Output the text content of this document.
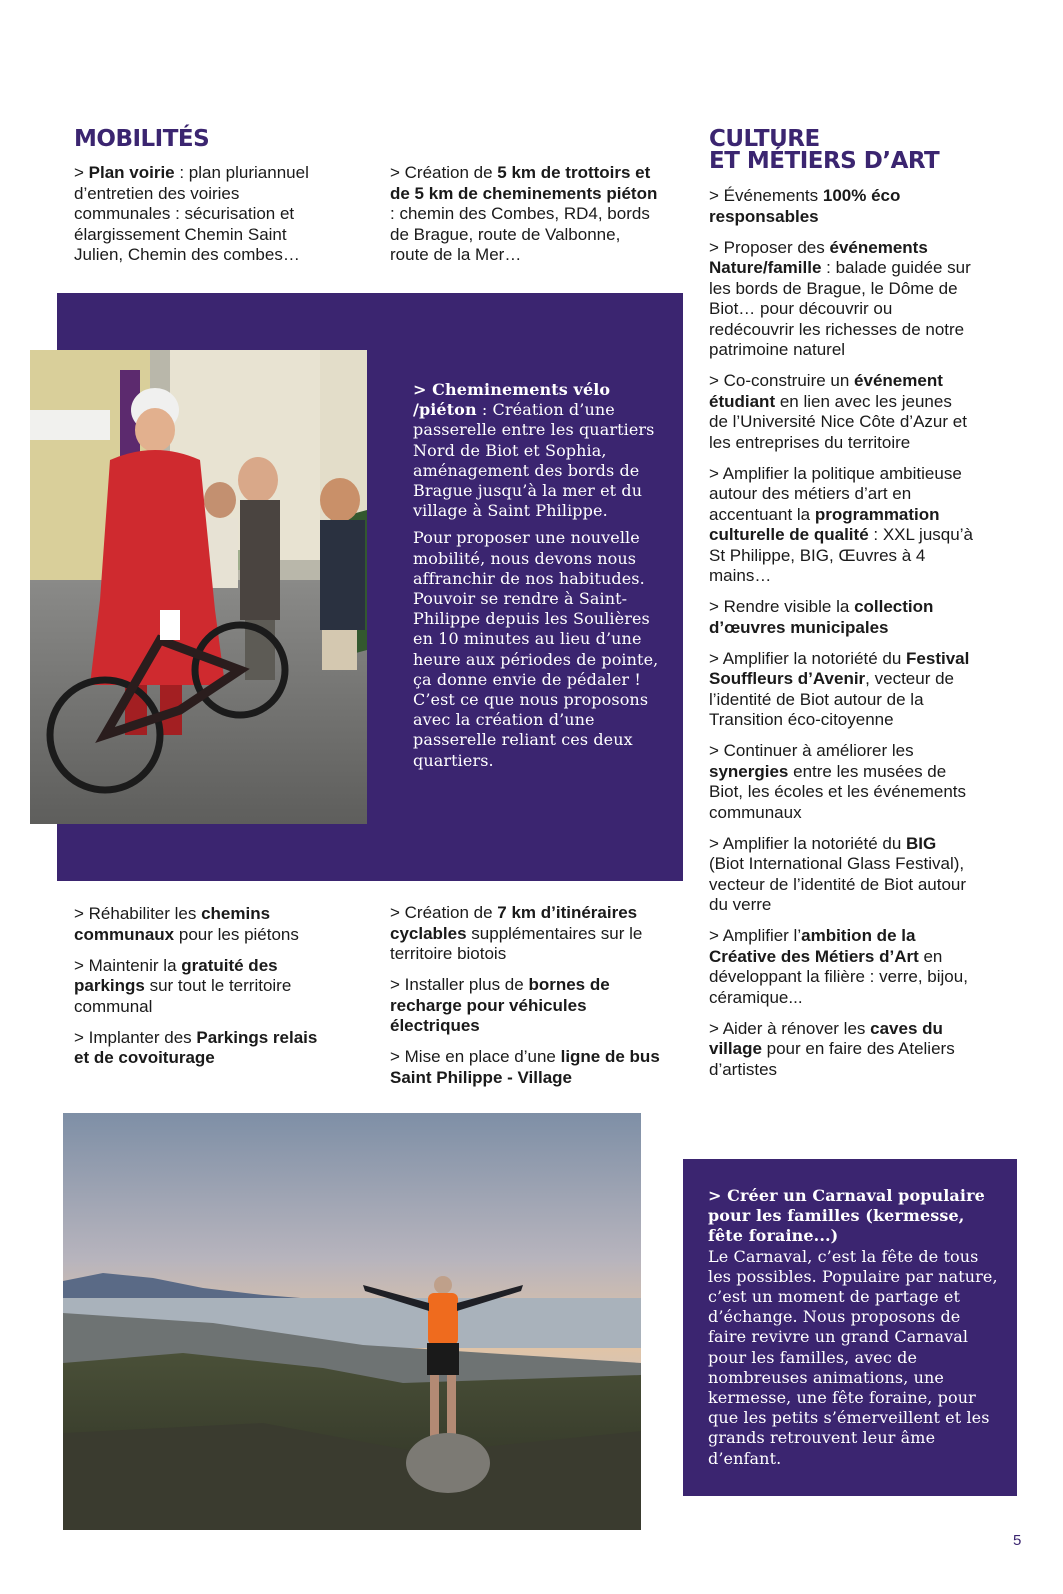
MOBILITÉS

> Plan voirie : plan pluriannuel d’entretien des voiries communales : sécurisation et élargissement Chemin Saint Julien, Chemin des combes…

> Création de 5 km de trottoirs et de 5 km de cheminements piéton : chemin des Combes, RD4, bords de Brague, route de Valbonne, route de la Mer…

> Cheminements vélo /piéton : Création d’une passerelle entre les quartiers Nord de Biot et Sophia, aménagement des bords de Brague jusqu’à la mer et du village à Saint Philippe.

Pour proposer une nouvelle mobilité, nous devons nous affranchir de nos habitudes. Pouvoir se rendre à Saint-Philippe depuis les Soulières en 10 minutes au lieu d’une heure aux périodes de pointe, ça donne envie de pédaler !

C’est ce que nous proposons avec la création d’une passerelle reliant ces deux quartiers.

> Réhabiliter les chemins communaux pour les piétons

> Maintenir la gratuité des parkings sur tout le territoire communal

> Implanter des Parkings relais et de covoiturage

> Création de 7 km d’itinéraires cyclables supplémentaires sur le territoire biotois

> Installer plus de bornes de recharge pour véhicules électriques

> Mise en place d’une ligne de bus Saint Philippe - Village

CULTURE
ET MÉTIERS D’ART

> Événements 100% éco responsables

> Proposer des événements Nature/famille : balade guidée sur les bords de Brague, le Dôme de Biot… pour découvrir ou redécouvrir les richesses de notre patrimoine naturel

> Co-construire un événement étudiant en lien avec les jeunes de l’Université Nice Côte d’Azur et les entreprises du territoire

> Amplifier la politique ambitieuse autour des métiers d’art en accentuant la programmation culturelle de qualité : XXL jusqu’à St Philippe, BIG, Œuvres à 4 mains…

> Rendre visible la collection d’œuvres municipales

> Amplifier la notoriété du Festival Souffleurs d’Avenir, vecteur de l’identité de Biot autour de la Transition éco-citoyenne

> Continuer à améliorer les synergies entre les musées de Biot, les écoles et les événements communaux

> Amplifier la notoriété du BIG (Biot International Glass Festival), vecteur de l’identité de Biot autour du verre

> Amplifier l’ambition de la Créative des Métiers d’Art en développant la filière : verre, bijou, céramique...

> Aider à rénover les caves du village pour en faire des Ateliers d’artistes

> Créer un Carnaval populaire pour les familles (kermesse, fête foraine...)

Le Carnaval, c’est la fête de tous les possibles. Populaire par nature, c’est un moment de partage et d’échange. Nous proposons de faire revivre un grand Carnaval pour les familles, avec de nombreuses animations, une kermesse, une fête foraine, pour que les petits s’émerveillent et les grands retrouvent leur âme d’enfant.

5
